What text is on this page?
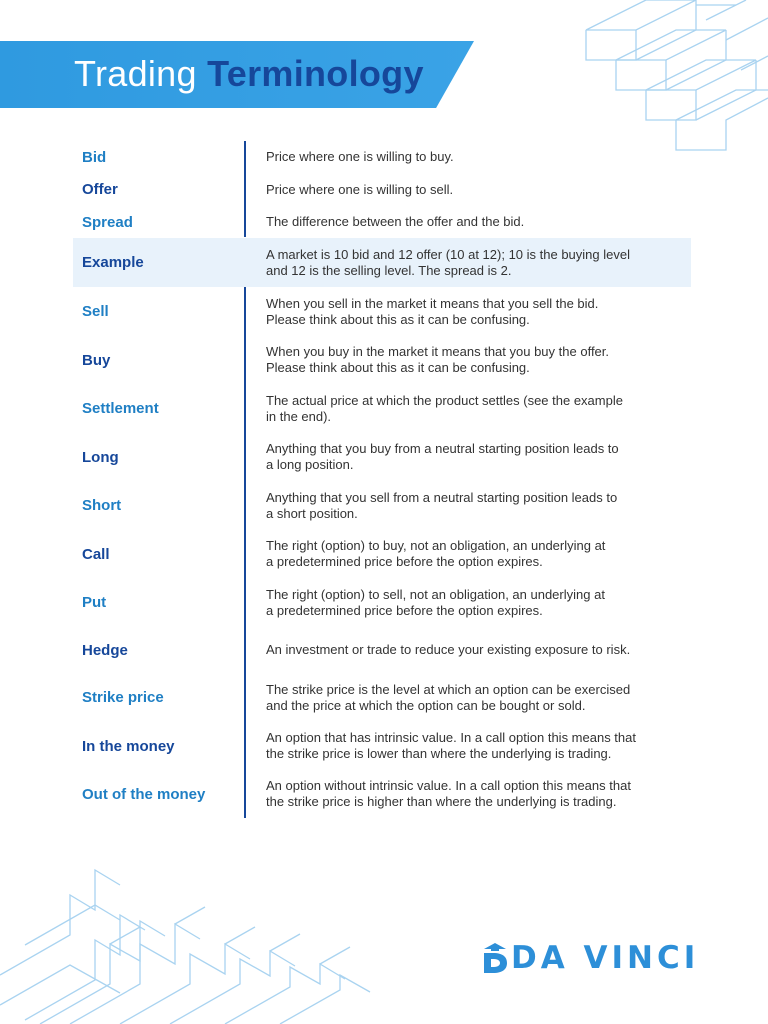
Trading Terminology
Bid	Price where one is willing to buy.
Offer	Price where one is willing to sell.
Spread	The difference between the offer and the bid.
Example	A market is 10 bid and 12 offer (10 at 12); 10 is the buying level
and 12 is the selling level. The spread is 2.
Sell	When you sell in the market it means that you sell the bid.
Please think about this as it can be confusing.
Buy	When you buy in the market it means that you buy the offer.
Please think about this as it can be confusing.
Settlement	The actual price at which the product settles (see the example
in the end).
Long	Anything that you buy from a neutral starting position leads to
a long position.
Short	Anything that you sell from a neutral starting position leads to
a short position.
Call	The right (option) to buy, not an obligation, an underlying at
a predetermined price before the option expires.
Put	The right (option) to sell, not an obligation, an underlying at
a predetermined price before the option expires.
Hedge	An investment or trade to reduce your existing exposure to risk.
Strike price	The strike price is the level at which an option can be exercised
and the price at which the option can be bought or sold.
In the money	An option that has intrinsic value. In a call option this means that
the strike price is lower than where the underlying is trading.
Out of the money	An option without intrinsic value. In a call option this means that
the strike price is higher than where the underlying is trading.
DA VINCI
